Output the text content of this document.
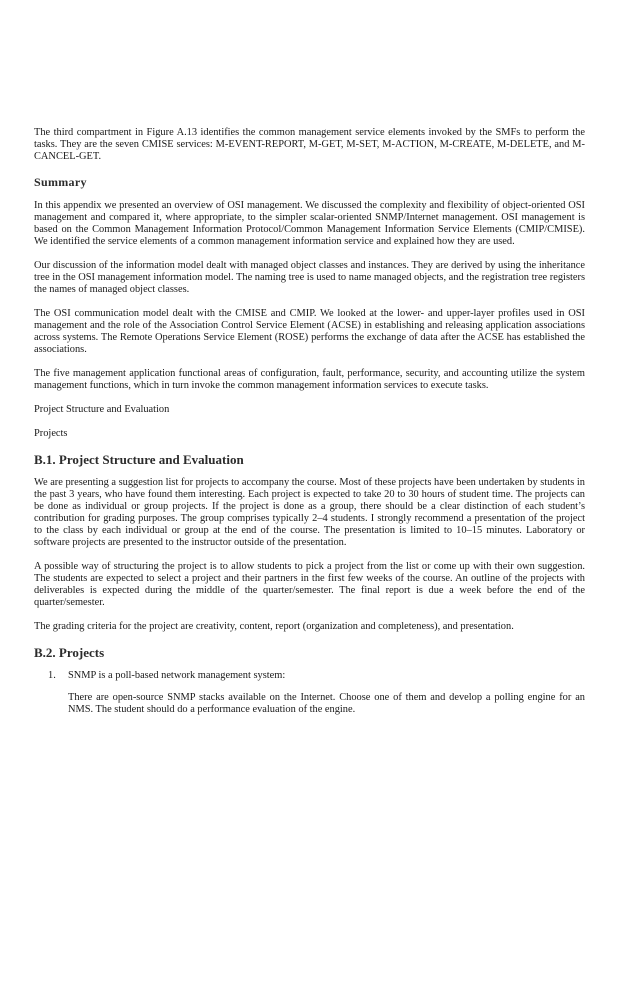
The third compartment in Figure A.13 identifies the common management service elements invoked by the SMFs to perform the tasks. They are the seven CMISE services: M-EVENT-REPORT, M-GET, M-SET, M-ACTION, M-CREATE, M-DELETE, and M-CANCEL-GET.

Summary

In this appendix we presented an overview of OSI management. We discussed the complexity and flexibility of object-oriented OSI management and compared it, where appropriate, to the simpler scalar-oriented SNMP/Internet management. OSI management is based on the Common Management Information Protocol/Common Management Information Service Elements (CMIP/CMISE). We identified the service elements of a common management information service and explained how they are used.

Our discussion of the information model dealt with managed object classes and instances. They are derived by using the inheritance tree in the OSI management information model. The naming tree is used to name managed objects, and the registration tree registers the names of managed object classes.

The OSI communication model dealt with the CMISE and CMIP. We looked at the lower- and upper-layer profiles used in OSI management and the role of the Association Control Service Element (ACSE) in establishing and releasing application associations across systems. The Remote Operations Service Element (ROSE) performs the exchange of data after the ACSE has established the associations.

The five management application functional areas of configuration, fault, performance, security, and accounting utilize the system management functions, which in turn invoke the common management information services to execute tasks.

Project Structure and Evaluation

Projects

B.1. Project Structure and Evaluation

We are presenting a suggestion list for projects to accompany the course. Most of these projects have been undertaken by students in the past 3 years, who have found them interesting. Each project is expected to take 20 to 30 hours of student time. The projects can be done as individual or group projects. If the project is done as a group, there should be a clear distinction of each student’s contribution for grading purposes. The group comprises typically 2–4 students. I strongly recommend a presentation of the project to the class by each individual or group at the end of the course. The presentation is limited to 10–15 minutes. Laboratory or software projects are presented to the instructor outside of the presentation.

A possible way of structuring the project is to allow students to pick a project from the list or come up with their own suggestion. The students are expected to select a project and their partners in the first few weeks of the course. An outline of the projects with deliverables is expected during the middle of the quarter/semester. The final report is due a week before the end of the quarter/semester.

The grading criteria for the project are creativity, content, report (organization and completeness), and presentation.

B.2. Projects
1. SNMP is a poll-based network management system:

There are open-source SNMP stacks available on the Internet. Choose one of them and develop a polling engine for an NMS. The student should do a performance evaluation of the engine.
